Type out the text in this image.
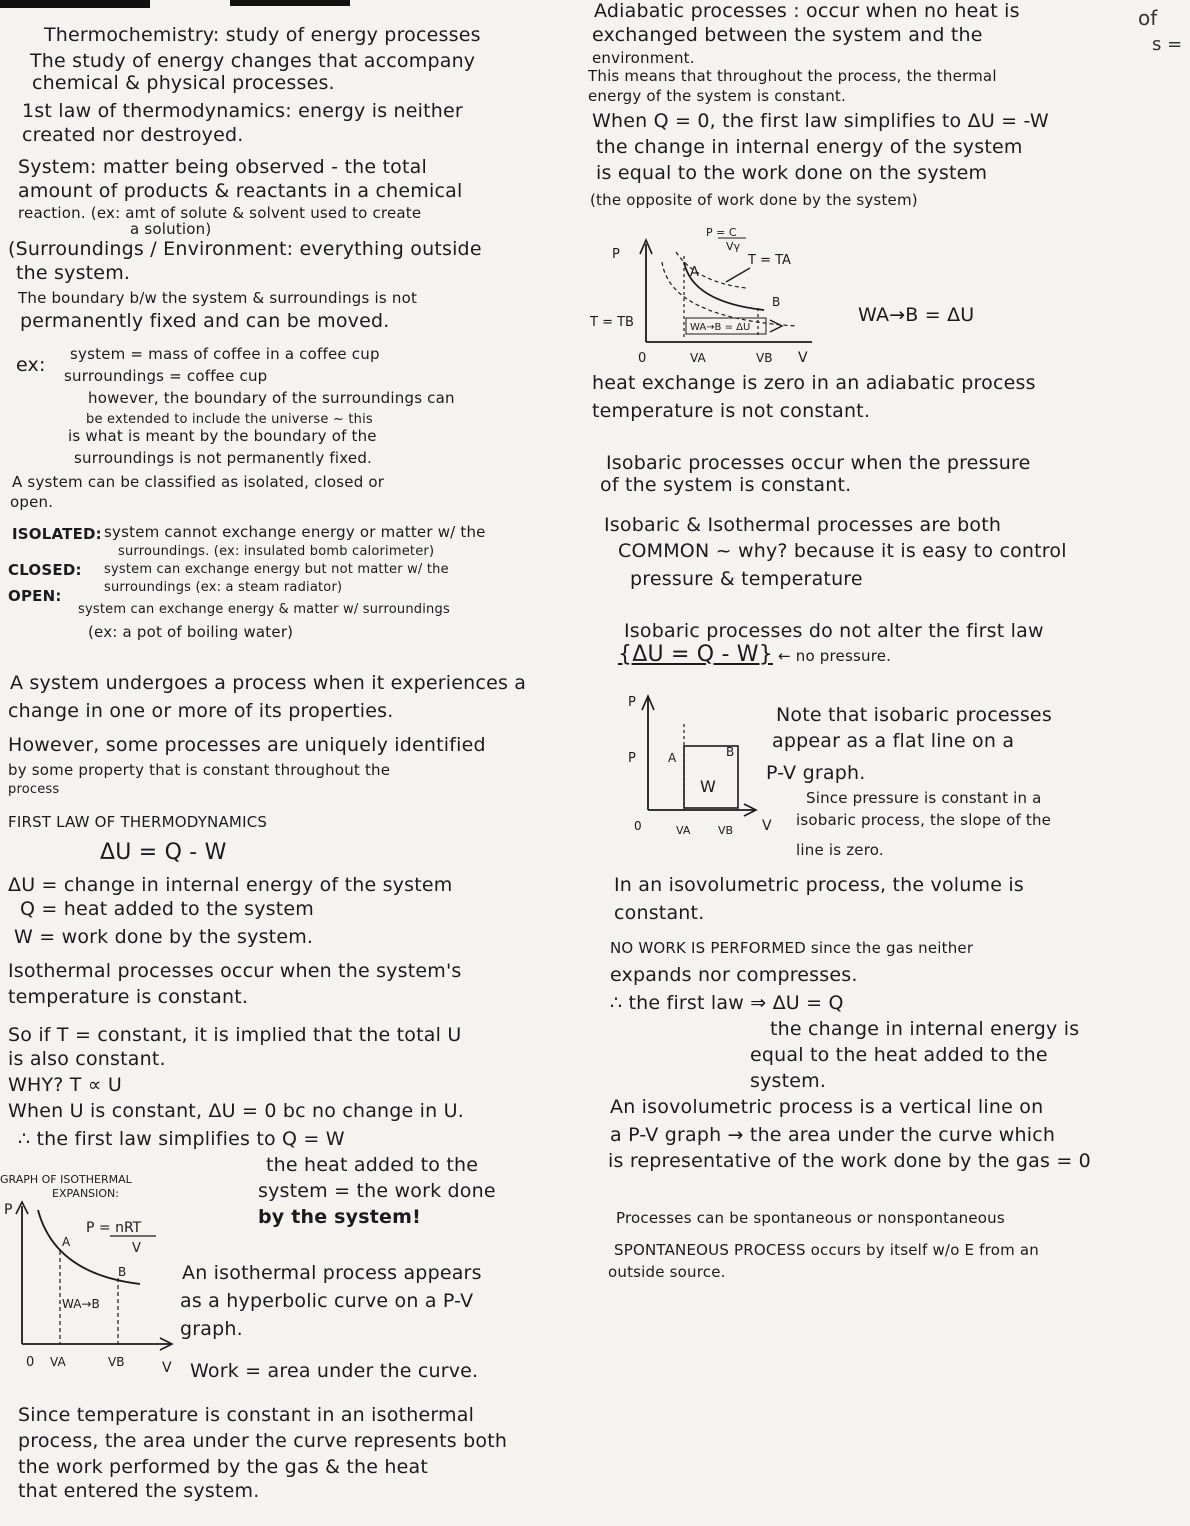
Thermochemistry: study of energy processes
The study of energy changes that accompany
chemical & physical processes.
1st law of thermodynamics: energy is neither
created nor destroyed.
System: matter being observed - the total
amount of products & reactants in a chemical
reaction. (ex: amt of solute & solvent used to create
a solution)
(Surroundings / Environment: everything outside
the system.
The boundary b/w the system & surroundings is not
permanently fixed and can be moved.
ex: system = mass of coffee in a coffee cup
surroundings = coffee cup
however, the boundary of the surroundings can
be extended to include the universe ~ this
is what is meant by the boundary of the
surroundings is not permanently fixed.
A system can be classified as isolated, closed or
open.
ISOLATED: system cannot exchange energy or matter w/ the
surroundings. (ex: insulated bomb calorimeter)
CLOSED: system can exchange energy but not matter w/ the
surroundings (ex: a steam radiator)
OPEN:
system can exchange energy & matter w/ surroundings
(ex: a pot of boiling water)
A system undergoes a process when it experiences a
change in one or more of its properties.
However, some processes are uniquely identified
by some property that is constant throughout the
process
FIRST LAW OF THERMODYNAMICS
ΔU = Q - W
ΔU = change in internal energy of the system
Q = heat added to the system
W = work done by the system.
Isothermal processes occur when the system's
temperature is constant.
So if T = constant, it is implied that the total U
is also constant.
WHY? T ∝ U
When U is constant, ΔU = 0 bc no change in U.
∴ the first law simplifies to Q = W
the heat added to the
system = the work done
by the system!
GRAPH OF ISOTHERMAL
EXPANSION:
P
A
B
P = nRT
V
WA→B
0 VA	VB	V
An isothermal process appears
as a hyperbolic curve on a P-V
graph.
Work = area under the curve.
Since temperature is constant in an isothermal
process, the area under the curve represents both
the work performed by the gas & the heat
that entered the system.
Adiabatic processes : occur when no heat is
exchanged between the system and the
environment.
This means that throughout the process, the thermal
energy of the system is constant.
When Q = 0, the first law simplifies to ΔU = -W
the change in internal energy of the system
is equal to the work done on the system
(the opposite of work done by the system)
P
P = C
Vγ
T = TA
T = TB
A
B
WA→B = ΔU
0	VA	VB V
WA→B = ΔU
heat exchange is zero in an adiabatic process
temperature is not constant.
Isobaric processes occur when the pressure
of the system is constant.
Isobaric & Isothermal processes are both
COMMON ~ why? because it is easy to control
pressure & temperature
Isobaric processes do not alter the first law
{ΔU = Q - W} ← no pressure.
P
P	A	B
W
0	VA	VB V
Note that isobaric processes
appear as a flat line on a
P-V graph.
Since pressure is constant in a
isobaric process, the slope of the
line is zero.
In an isovolumetric process, the volume is
constant.
NO WORK IS PERFORMED since the gas neither
expands nor compresses.
∴ the first law ⇒ ΔU = Q
the change in internal energy is
equal to the heat added to the
system.
An isovolumetric process is a vertical line on
a P-V graph → the area under the curve which
is representative of the work done by the gas = 0
Processes can be spontaneous or nonspontaneous
SPONTANEOUS PROCESS occurs by itself w/o E from an
outside source.
of
s =
